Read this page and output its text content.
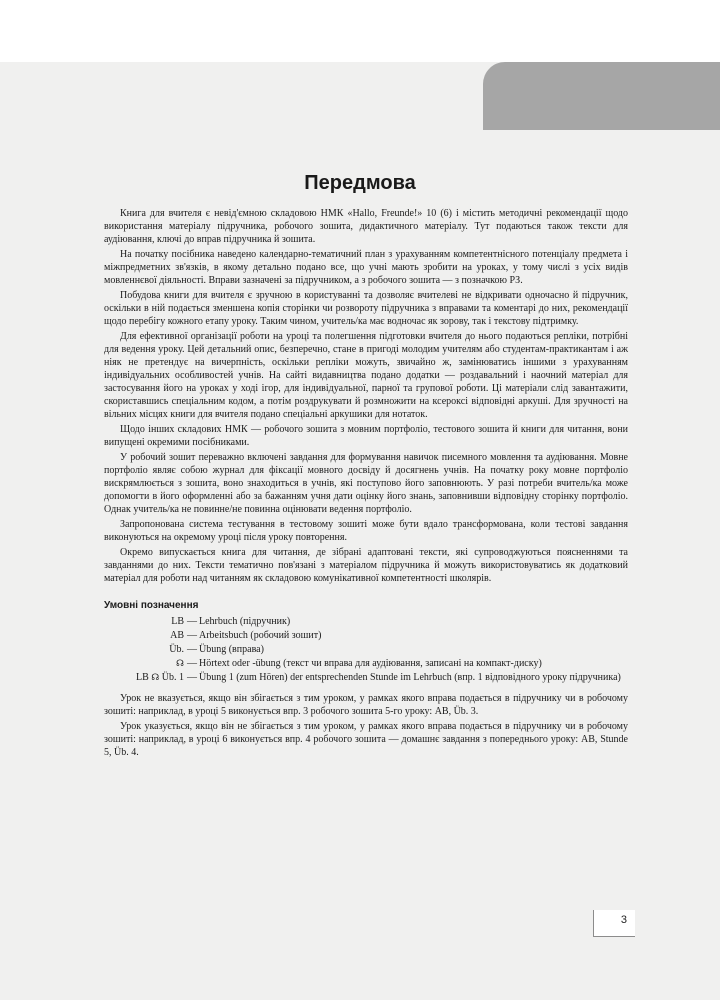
Передмова

Книга для вчителя є невід'ємною складовою НМК «Hallo, Freunde!» 10 (6) і містить методичні рекомендації щодо використання матеріалу підручника, робочого зошита, дидактичного матеріалу. Тут подаються також тексти для аудіювання, ключі до вправ підручника й зошита.

На початку посібника наведено календарно-тематичний план з урахуванням компетентнісного потенціалу предмета і міжпредметних зв'язків, в якому детально подано все, що учні мають зробити на уроках, у тому числі з усіх видів мовленнєвої діяльності. Вправи зазначені за підручником, а з робочого зошита — з позначкою РЗ.

Побудова книги для вчителя є зручною в користуванні та дозволяє вчителеві не відкривати одночасно й підручник, оскільки в ній подається зменшена копія сторінки чи розвороту підручника з вправами та коментарі до них, рекомендації щодо перебігу кожного етапу уроку. Таким чином, учитель/ка має водночас як зорову, так і текстову підтримку.

Для ефективної організації роботи на уроці та полегшення підготовки вчителя до нього подаються репліки, потрібні для ведення уроку. Цей детальний опис, безперечно, стане в пригоді молодим учителям або студентам-практикантам і аж ніяк не претендує на вичерпність, оскільки репліки можуть, звичайно ж, замінюватись іншими з урахуванням індивідуальних особливостей учнів. На сайті видавництва подано додатки — роздавальний і наочний матеріал для застосування його на уроках у ході ігор, для індивідуальної, парної та групової роботи. Ці матеріали слід завантажити, скориставшись спеціальним кодом, а потім роздрукувати й розмножити на ксероксі відповідні аркуші. Для зручності на вільних місцях книги для вчителя подано спеціальні аркушики для нотаток.

Щодо інших складових НМК — робочого зошита з мовним портфоліо, тестового зошита й книги для читання, вони випущені окремими посібниками.

У робочий зошит переважно включені завдання для формування навичок писемного мовлення та аудіювання. Мовне портфоліо являє собою журнал для фіксації мовного досвіду й досягнень учнів. На початку року мовне портфоліо вискрямлюється з зошита, воно знаходиться в учнів, які поступово його заповнюють. У разі потреби вчитель/ка може допомогти в його оформленні або за бажанням учня дати оцінку його знань, заповнивши відповідну сторінку портфоліо. Однак учитель/ка не повинне/не повинна оцінювати ведення портфоліо.

Запропонована система тестування в тестовому зошиті може бути вдало трансформована, коли тестові завдання виконуються на окремому уроці після уроку повторення.

Окремо випускається книга для читання, де зібрані адаптовані тексти, які супроводжуються поясненнями та завданнями до них. Тексти тематично пов'язані з матеріалом підручника й можуть використовуватись як додатковий матеріал для роботи над читанням як складовою комунікативної компетентності школярів.

Умовні позначення
LB — Lehrbuch (підручник)
AB — Arbeitsbuch (робочий зошит)
Üb. — Übung (вправа)
☊ — Hörtext oder -übung (текст чи вправа для аудіювання, записані на компакт-диску)
LB ☊ Üb. 1 — Übung 1 (zum Hören) der entsprechenden Stunde im Lehrbuch (впр. 1 відповідного уроку підручника)

Урок не вказується, якщо він збігається з тим уроком, у рамках якого вправа подається в підручнику чи в робочому зошиті: наприклад, в уроці 5 виконується впр. 3 робочого зошита 5-го уроку: AB, Üb. 3.

Урок указується, якщо він не збігається з тим уроком, у рамках якого вправа подається в підручнику чи в робочому зошиті: наприклад, в уроці 6 виконується впр. 4 робочого зошита — домашнє завдання з попереднього уроку: AB, Stunde 5, Üb. 4.

3
